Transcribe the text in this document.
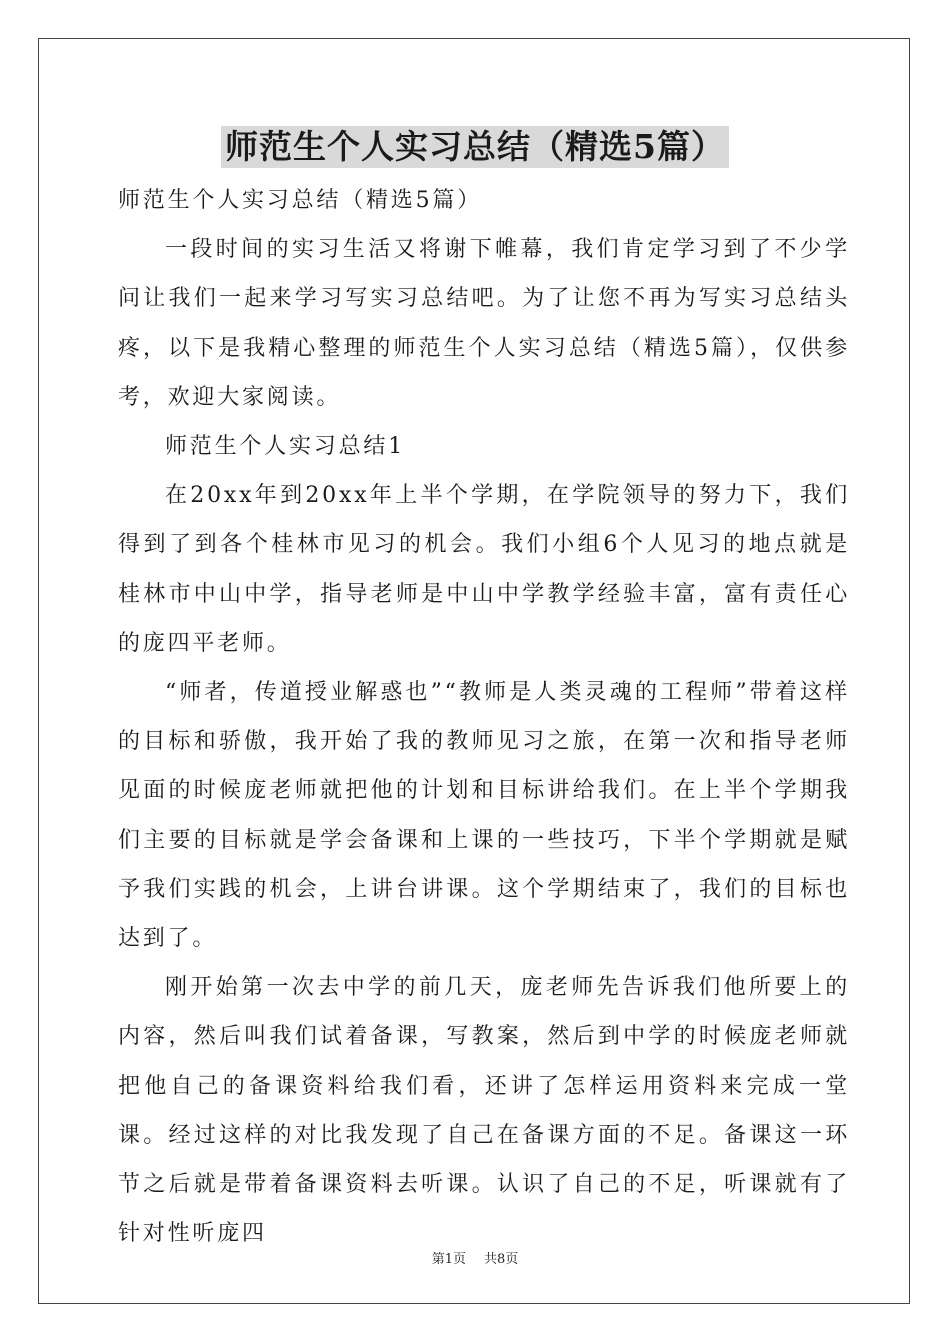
师范生个人实习总结（精选5篇）

师范生个人实习总结（精选5篇）

一段时间的实习生活又将谢下帷幕，我们肯定学习到了不少学问让我们一起来学习写实习总结吧。为了让您不再为写实习总结头疼，以下是我精心整理的师范生个人实习总结（精选5篇），仅供参考，欢迎大家阅读。

师范生个人实习总结1

在20xx年到20xx年上半个学期，在学院领导的努力下，我们得到了到各个桂林市见习的机会。我们小组6个人见习的地点就是桂林市中山中学，指导老师是中山中学教学经验丰富，富有责任心的庞四平老师。

“师者，传道授业解惑也”“教师是人类灵魂的工程师”带着这样的目标和骄傲，我开始了我的教师见习之旅，在第一次和指导老师见面的时候庞老师就把他的计划和目标讲给我们。在上半个学期我们主要的目标就是学会备课和上课的一些技巧，下半个学期就是赋予我们实践的机会，上讲台讲课。这个学期结束了，我们的目标也达到了。

刚开始第一次去中学的前几天，庞老师先告诉我们他所要上的内容，然后叫我们试着备课，写教案，然后到中学的时候庞老师就把他自己的备课资料给我们看，还讲了怎样运用资料来完成一堂课。经过这样的对比我发现了自己在备课方面的不足。备课这一环节之后就是带着备课资料去听课。认识了自己的不足，听课就有了针对性听庞四

第1页 共8页
